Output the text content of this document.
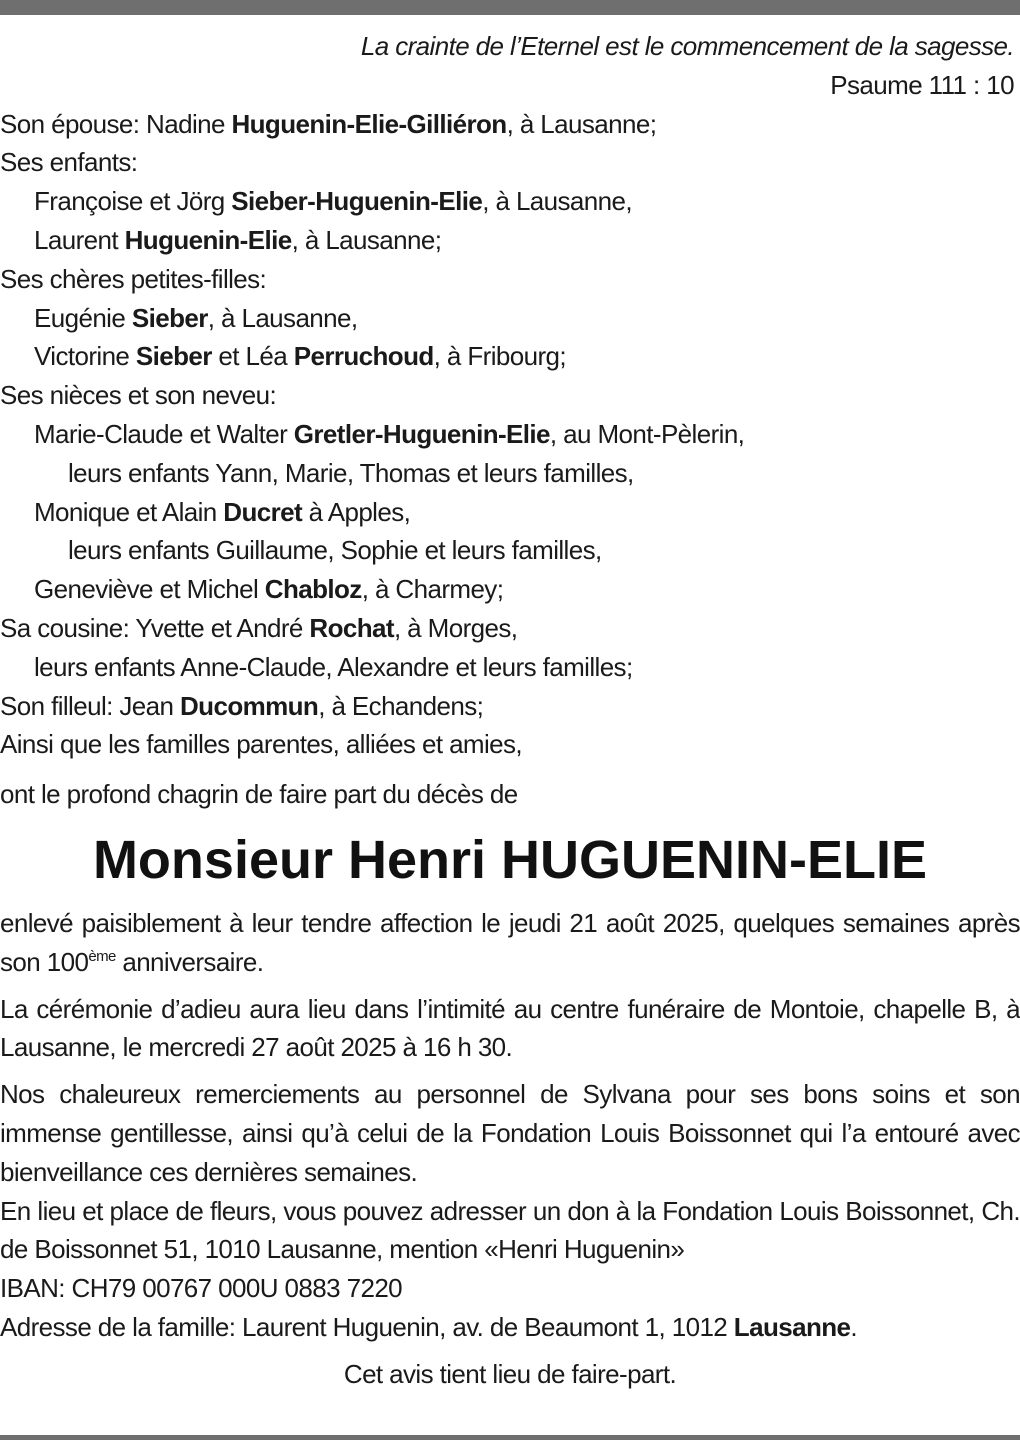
La crainte de l’Eternel est le commencement de la sagesse.
Psaume 111 : 10
Son épouse: Nadine Huguenin-Elie-Gilliéron, à Lausanne;
Ses enfants:
Françoise et Jörg Sieber-Huguenin-Elie, à Lausanne,
Laurent Huguenin-Elie, à Lausanne;
Ses chères petites-filles:
Eugénie Sieber, à Lausanne,
Victorine Sieber et Léa Perruchoud, à Fribourg;
Ses nièces et son neveu:
Marie-Claude et Walter Gretler-Huguenin-Elie, au Mont-Pèlerin,
leurs enfants Yann, Marie, Thomas et leurs familles,
Monique et Alain Ducret à Apples,
leurs enfants Guillaume, Sophie et leurs familles,
Geneviève et Michel Chabloz, à Charmey;
Sa cousine: Yvette et André Rochat, à Morges,
leurs enfants Anne-Claude, Alexandre et leurs familles;
Son filleul: Jean Ducommun, à Echandens;
Ainsi que les familles parentes, alliées et amies,
ont le profond chagrin de faire part du décès de
Monsieur Henri HUGUENIN-ELIE
enlevé paisiblement à leur tendre affection le jeudi 21 août 2025, quelques semaines après son 100ème anniversaire.
La cérémonie d’adieu aura lieu dans l’intimité au centre funéraire de Montoie, chapelle B, à Lausanne, le mercredi 27 août 2025 à 16 h 30.
Nos chaleureux remerciements au personnel de Sylvana pour ses bons soins et son immense gentillesse, ainsi qu’à celui de la Fondation Louis Boissonnet qui l’a entouré avec bienveillance ces dernières semaines.
En lieu et place de fleurs, vous pouvez adresser un don à la Fondation Louis Boissonnet, Ch. de Boissonnet 51, 1010 Lausanne, mention «Henri Huguenin»
IBAN: CH79 00767 000U 0883 7220
Adresse de la famille: Laurent Huguenin, av. de Beaumont 1, 1012 Lausanne.
Cet avis tient lieu de faire-part.
